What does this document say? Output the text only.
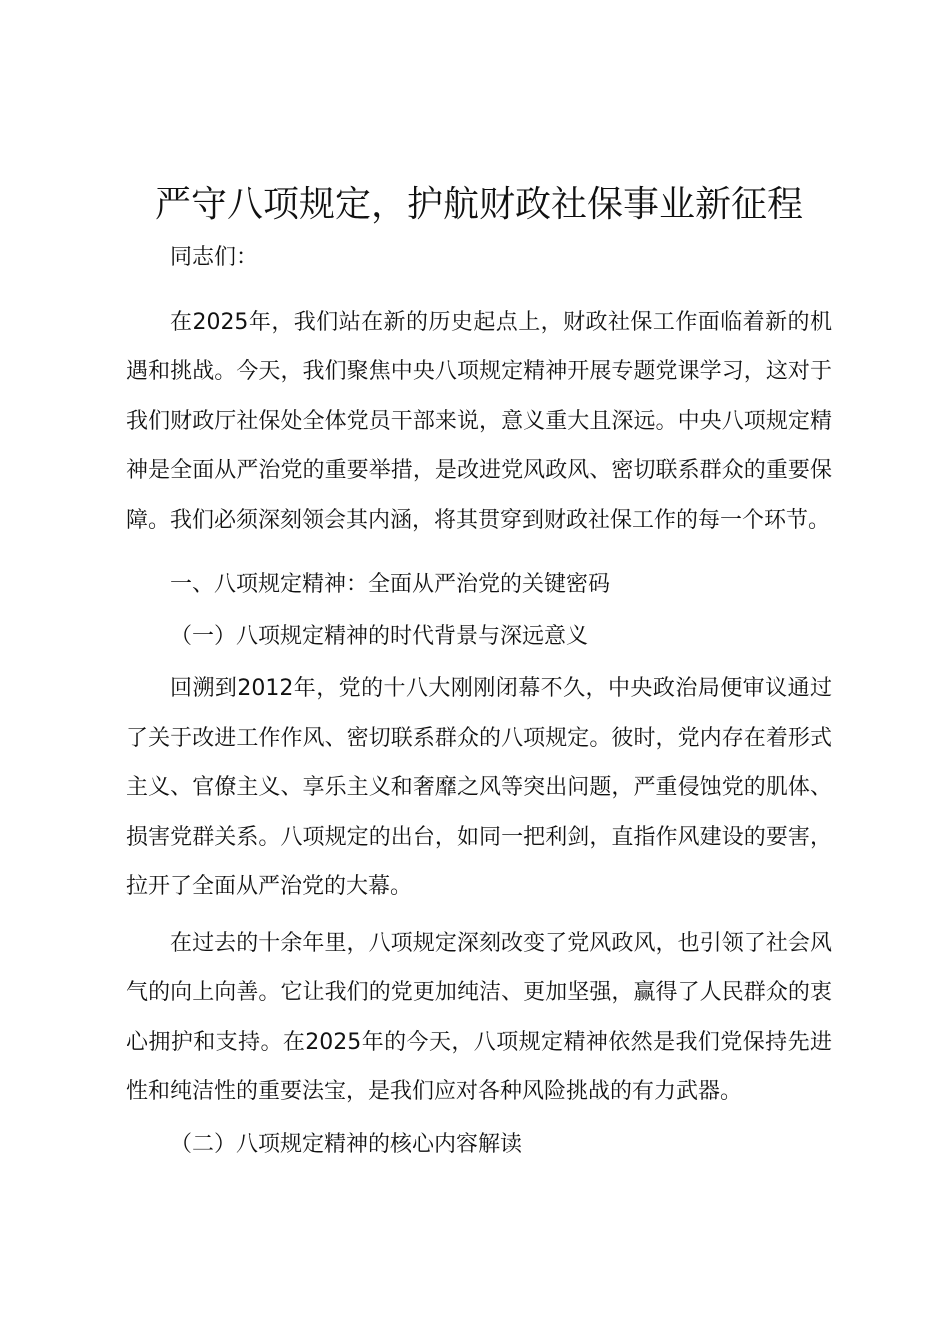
严守八项规定，护航财政社保事业新征程

同志们：

在2025年，我们站在新的历史起点上，财政社保工作面临着新的机遇和挑战。今天，我们聚焦中央八项规定精神开展专题党课学习，这对于我们财政厅社保处全体党员干部来说，意义重大且深远。中央八项规定精神是全面从严治党的重要举措，是改进党风政风、密切联系群众的重要保障。我们必须深刻领会其内涵，将其贯穿到财政社保工作的每一个环节。

一、八项规定精神：全面从严治党的关键密码

（一）八项规定精神的时代背景与深远意义

回溯到2012年，党的十八大刚刚闭幕不久，中央政治局便审议通过了关于改进工作作风、密切联系群众的八项规定。彼时，党内存在着形式主义、官僚主义、享乐主义和奢靡之风等突出问题，严重侵蚀党的肌体、损害党群关系。八项规定的出台，如同一把利剑，直指作风建设的要害，拉开了全面从严治党的大幕。

在过去的十余年里，八项规定深刻改变了党风政风，也引领了社会风气的向上向善。它让我们的党更加纯洁、更加坚强，赢得了人民群众的衷心拥护和支持。在2025年的今天，八项规定精神依然是我们党保持先进性和纯洁性的重要法宝，是我们应对各种风险挑战的有力武器。

（二）八项规定精神的核心内容解读
